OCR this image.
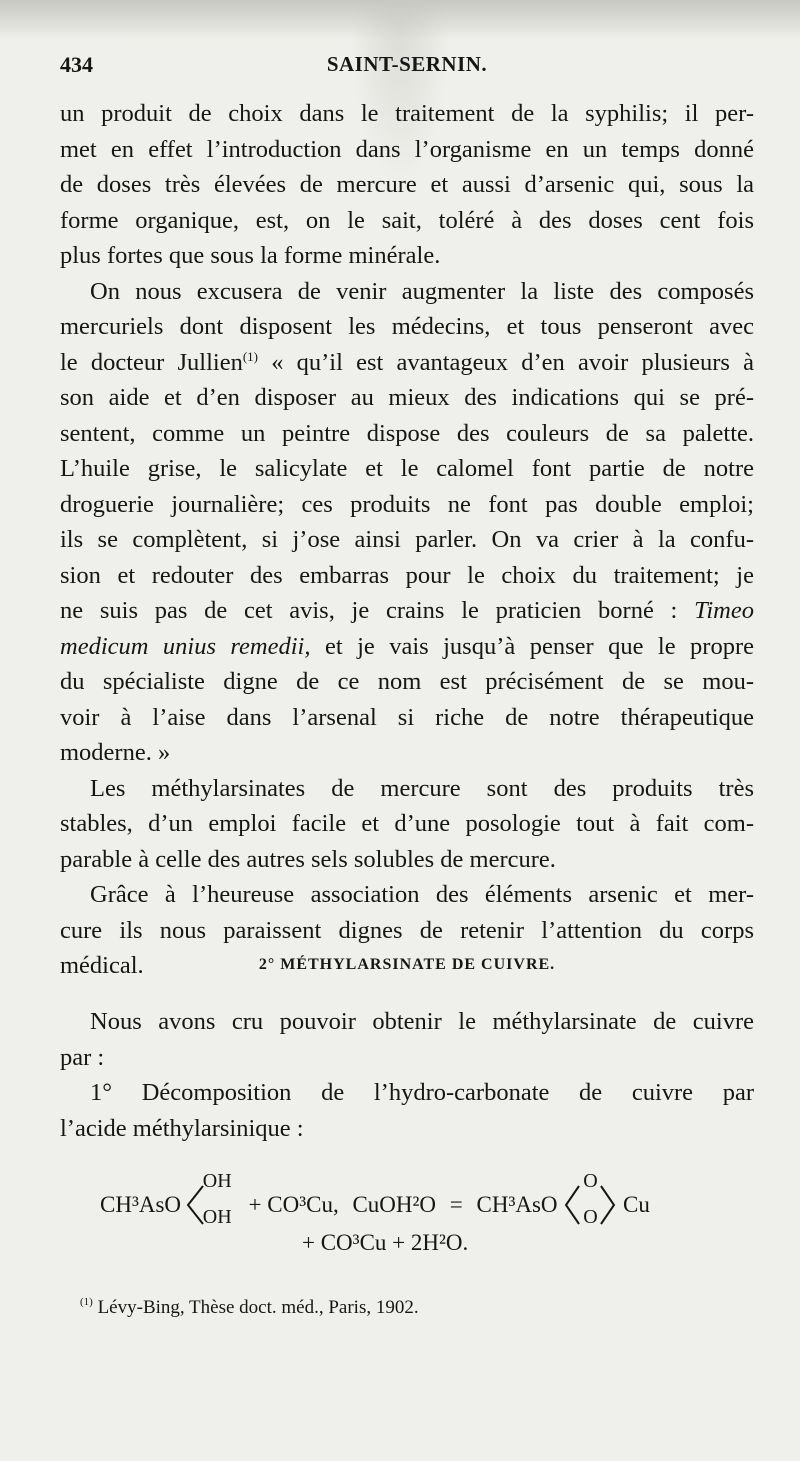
434	SAINT-SERNIN.

un produit de choix dans le traitement de la syphilis; il per-
met en effet l’introduction dans l’organisme en un temps donné
de doses très élevées de mercure et aussi d’arsenic qui, sous la
forme organique, est, on le sait, toléré à des doses cent fois
plus fortes que sous la forme minérale.

On nous excusera de venir augmenter la liste des composés
mercuriels dont disposent les médecins, et tous penseront avec
le docteur Jullien$^{(1)}$ « qu’il est avantageux d’en avoir plusieurs à
son aide et d’en disposer au mieux des indications qui se pré-
sentent, comme un peintre dispose des couleurs de sa palette.
L’huile grise, le salicylate et le calomel font partie de notre
droguerie journalière; ces produits ne font pas double emploi;
ils se complètent, si j’ose ainsi parler. On va crier à la confu-
sion et redouter des embarras pour le choix du traitement; je
ne suis pas de cet avis, je crains le praticien borné : Timeo
medicum unius remedii, et je vais jusqu’à penser que le propre
du spécialiste digne de ce nom est précisément de se mou-
voir à l’aise dans l’arsenal si riche de notre thérapeutique
moderne. »

Les méthylarsinates de mercure sont des produits très
stables, d’un emploi facile et d’une posologie tout à fait com-
parable à celle des autres sels solubles de mercure.

Grâce à l’heureuse association des éléments arsenic et mer-
cure ils nous paraissent dignes de retenir l’attention du corps
médical.	2° MÉTHYLARSINATE DE CUIVRE.

Nous avons cru pouvoir obtenir le méthylarsinate de cuivre
par :

1° Décomposition de l’hydro-carbonate de cuivre par
l’acide méthylarsinique :

CH³AsO
OH
OH + CO³Cu, CuOH²O = CH³AsO
O
O Cu
+ CO³Cu + 2H²O.
$^{(1)}$ Lévy-Bing, Thèse doct. méd., Paris, 1902.
